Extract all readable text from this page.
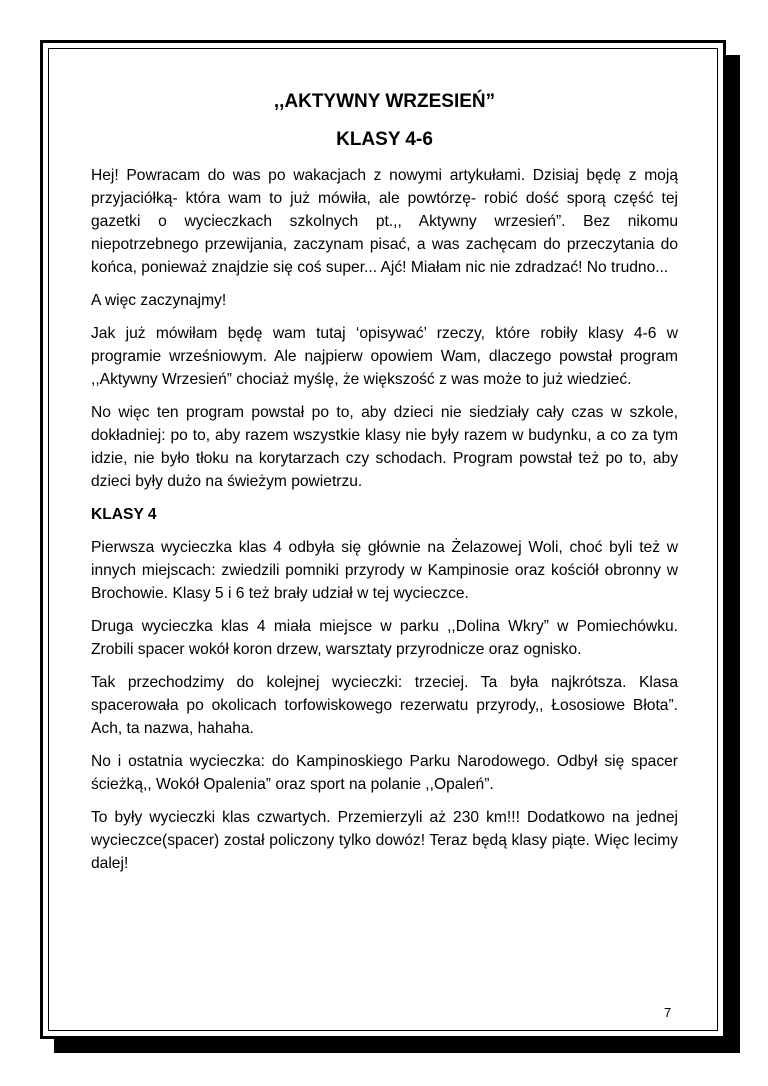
,,AKTYWNY WRZESIEŃ”
KLASY 4-6

Hej! Powracam do was po wakacjach z nowymi artykułami. Dzisiaj będę z moją przyjaciółką- która wam to już mówiła, ale powtórzę- robić dość sporą część tej gazetki o wycieczkach szkolnych pt.,, Aktywny wrzesień”. Bez nikomu niepotrzebnego przewijania, zaczynam pisać, a was zachęcam do przeczytania do końca, ponieważ znajdzie się coś super... Ajć! Miałam nic nie zdradzać! No trudno...

A więc zaczynajmy!

Jak już mówiłam będę wam tutaj ‘opisywać’ rzeczy, które robiły klasy 4-6 w programie wrześniowym. Ale najpierw opowiem Wam, dlaczego powstał program ,,Aktywny Wrzesień” chociaż myślę, że większość z was może to już wiedzieć.

No więc ten program powstał po to, aby dzieci nie siedziały cały czas w szkole, dokładniej: po to, aby razem wszystkie klasy nie były razem w budynku, a co za tym idzie, nie było tłoku na korytarzach czy schodach. Program powstał też po to, aby dzieci były dużo na świeżym powietrzu.

KLASY 4

Pierwsza wycieczka klas 4 odbyła się głównie na Żelazowej Woli, choć byli też w innych miejscach: zwiedzili pomniki przyrody w Kampinosie oraz kościół obronny w Brochowie. Klasy 5 i 6 też brały udział w tej wycieczce.

Druga wycieczka klas 4 miała miejsce w parku ,,Dolina Wkry” w Pomiechówku. Zrobili spacer wokół koron drzew, warsztaty przyrodnicze oraz ognisko.

Tak przechodzimy do kolejnej wycieczki: trzeciej. Ta była najkrótsza. Klasa spacerowała po okolicach torfowiskowego rezerwatu przyrody,, Łososiowe Błota”. Ach, ta nazwa, hahaha.

No i ostatnia wycieczka: do Kampinoskiego Parku Narodowego. Odbył się spacer ścieżką,, Wokół Opalenia” oraz sport na polanie ,,Opaleń”.

To były wycieczki klas czwartych. Przemierzyli aż 230 km!!! Dodatkowo na jednej wycieczce(spacer) został policzony tylko dowóz! Teraz będą klasy piąte. Więc lecimy dalej!

7
